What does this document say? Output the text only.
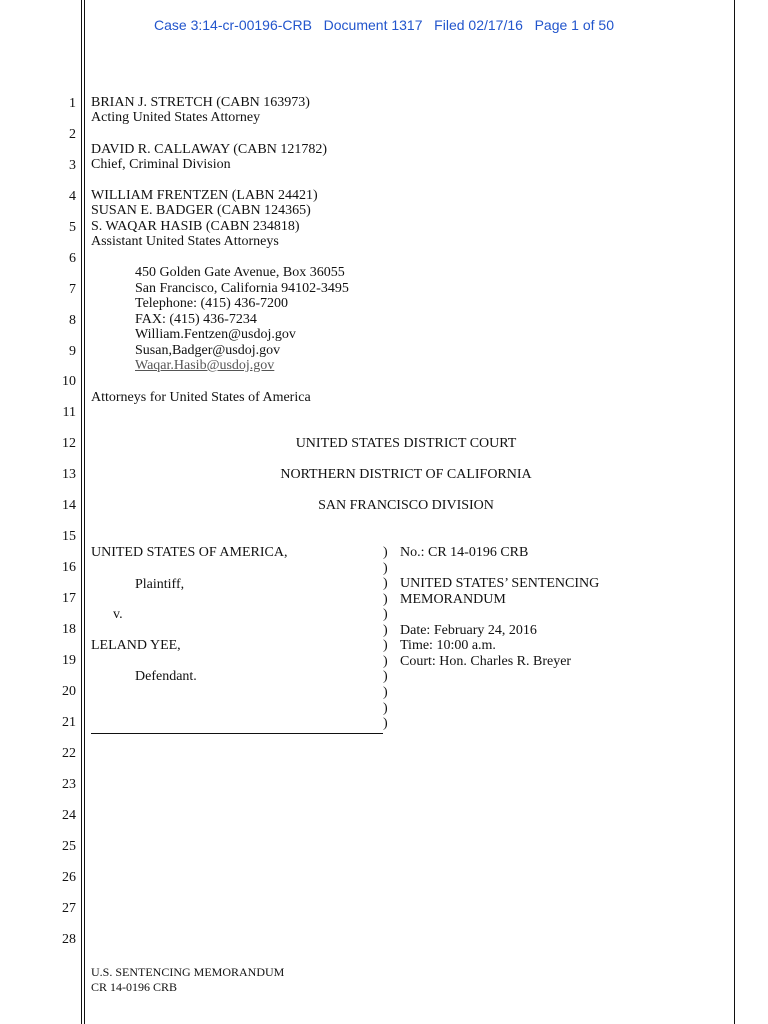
Case 3:14-cr-00196-CRB Document 1317 Filed 02/17/16 Page 1 of 50
1
2
3
4
5
6
7
8
9
10
11
12
13
14
15
16
17
18
19
20
21
22
23
24
25
26
27
28
BRIAN J. STRETCH (CABN 163973)
Acting United States Attorney
DAVID R. CALLAWAY (CABN 121782)
Chief, Criminal Division
WILLIAM FRENTZEN (LABN 24421)
SUSAN E. BADGER (CABN 124365)
S. WAQAR HASIB (CABN 234818)
Assistant United States Attorneys
450 Golden Gate Avenue, Box 36055
San Francisco, California 94102-3495
Telephone: (415) 436-7200
FAX: (415) 436-7234
William.Fentzen@usdoj.gov
Susan,Badger@usdoj.gov
Waqar.Hasib@usdoj.gov
Attorneys for United States of America
UNITED STATES DISTRICT COURT
NORTHERN DISTRICT OF CALIFORNIA
SAN FRANCISCO DIVISION
UNITED STATES OF AMERICA,
Plaintiff,
v.
LELAND YEE,
Defendant.
)
)
)
)
)
)
)
)
)
)
)
)
No.: CR 14-0196 CRB
UNITED STATES’ SENTENCING
MEMORANDUM
Date: February 24, 2016
Time: 10:00 a.m.
Court: Hon. Charles R. Breyer
U.S. SENTENCING MEMORANDUM
CR 14-0196 CRB
